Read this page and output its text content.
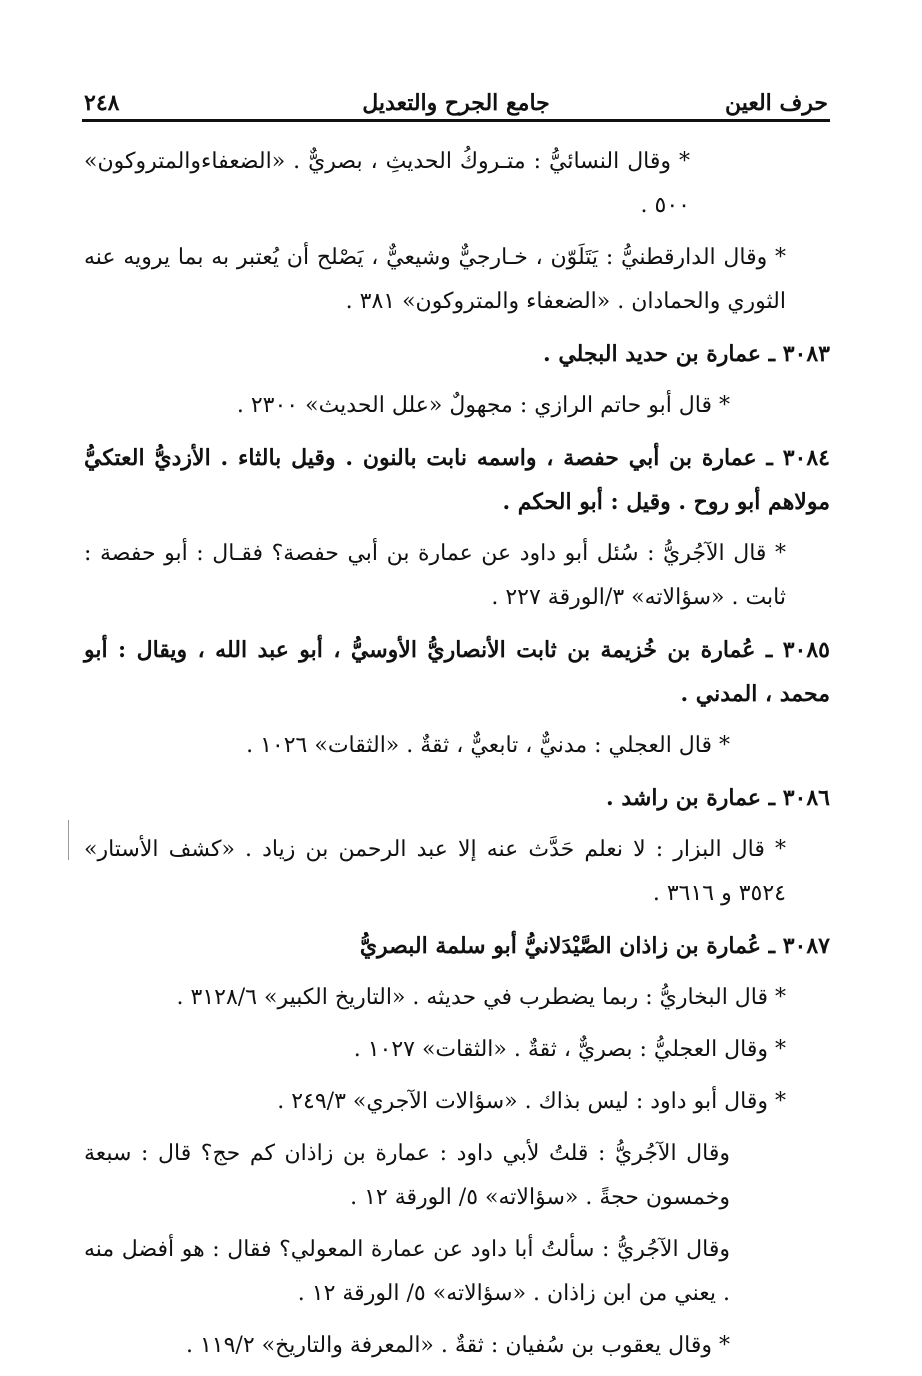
٢٤٨	جامع الجرح والتعديل	حرف العين

* وقال النسائيُّ : متـروكُ الحديثِ ، بصريٌّ . «الضعفاءوالمتروكون» ٥٠٠ .

* وقال الدارقطنيُّ : يَتَلَوّن ، خـارجيٌّ وشيعيٌّ ، يَصْلح أن يُعتبر به بما يرويه عنه الثوري والحمادان . «الضعفاء والمتروكون» ٣٨١ .

٣٠٨٣ ـ عمارة بن حديد البجلي .

* قال أبو حاتم الرازي : مجهولٌ «علل الحديث» ٢٣٠٠ .

٣٠٨٤ ـ عمارة بن أبي حفصة ، واسمه نابت بالنون . وقيل بالثاء . الأزديُّ العتكيُّ مولاهم أبو روح . وقيل : أبو الحكم .

* قال الآجُريُّ : سُئل أبو داود عن عمارة بن أبي حفصة؟ فقـال : أبو حفصة : ثابت . «سؤالاته» ٣/الورقة ٢٢٧ .

٣٠٨٥ ـ عُمارة بن خُزيمة بن ثابت الأنصاريُّ الأوسيُّ ، أبو عبد الله ، ويقال : أبو محمد ، المدني .

* قال العجلي : مدنيٌّ ، تابعيٌّ ، ثقةٌ . «الثقات» ١٠٢٦ .

٣٠٨٦ ـ عمارة بن راشد .

* قال البزار : لا نعلم حَدَّث عنه إلا عبد الرحمن بن زياد . «كشف الأستار» ٣٥٢٤ و ٣٦١٦ .

٣٠٨٧ ـ عُمارة بن زاذان الصَّيْدَلانيُّ أبو سلمة البصريُّ

* قال البخاريُّ : ربما يضطرب في حديثه . «التاريخ الكبير» ٣١٢٨/٦ .

* وقال العجليُّ : بصريٌّ ، ثقةٌ . «الثقات» ١٠٢٧ .

* وقال أبو داود : ليس بذاك . «سؤالات الآجري» ٢٤٩/٣ .

وقال الآجُريُّ : قلتُ لأبي داود : عمارة بن زاذان كم حج؟ قال : سبعة وخمسون حجةً . «سؤالاته» ٥/ الورقة ١٢ .

وقال الآجُريُّ : سألتُ أبا داود عن عمارة المعولي؟ فقال : هو أفضل منه . يعني من ابن زاذان . «سؤالاته» ٥/ الورقة ١٢ .

* وقال يعقوب بن سُفيان : ثقةٌ . «المعرفة والتاريخ» ١١٩/٢ .
